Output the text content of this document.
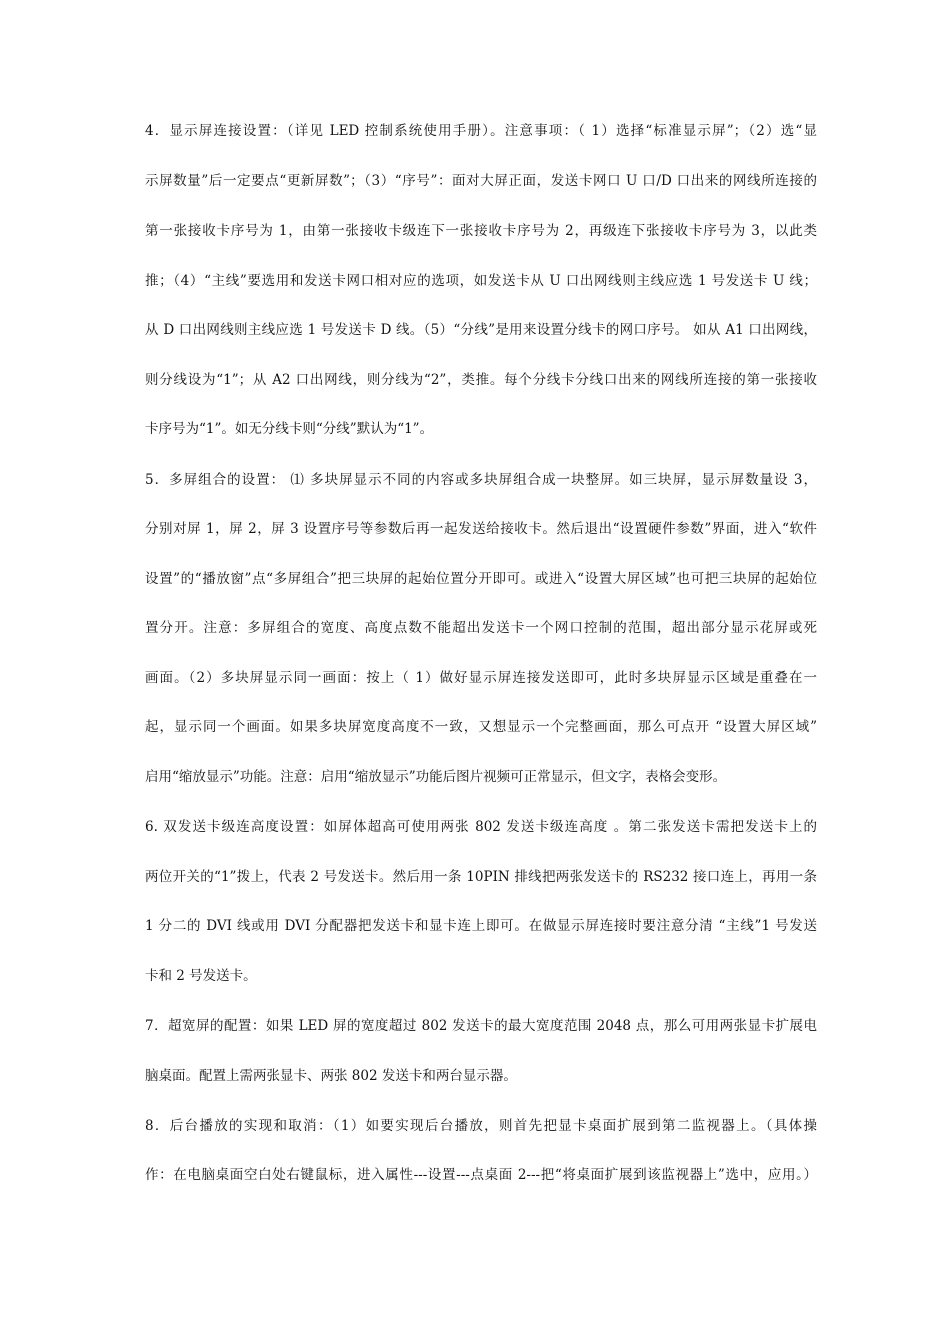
4．显示屏连接设置：（详见 LED 控制系统使用手册）。注意事项：（ 1）选择“标准显示屏”；（2）选“显
示屏数量”后一定要点“更新屏数”；（3）“序号”：面对大屏正面，发送卡网口 U 口/D 口出来的网线所连接的
第一张接收卡序号为 1，由第一张接收卡级连下一张接收卡序号为 2，再级连下张接收卡序号为 3，以此类
推；（4）“主线”要选用和发送卡网口相对应的选项，如发送卡从 U 口出网线则主线应选 1 号发送卡 U 线；
从 D 口出网线则主线应选 1 号发送卡 D 线。（5）“分线”是用来设置分线卡的网口序号。 如从 A1 口出网线，
则分线设为“1”；从 A2 口出网线，则分线为“2”，类推。每个分线卡分线口出来的网线所连接的第一张接收
卡序号为“1”。如无分线卡则“分线”默认为“1”。
5．多屏组合的设置： ⑴ 多块屏显示不同的内容或多块屏组合成一块整屏。如三块屏，显示屏数量设 3，
分别对屏 1，屏 2，屏 3 设置序号等参数后再一起发送给接收卡。然后退出“设置硬件参数”界面，进入“软件
设置”的“播放窗”点“多屏组合”把三块屏的起始位置分开即可。或进入“设置大屏区域”也可把三块屏的起始位
置分开。注意：多屏组合的宽度、高度点数不能超出发送卡一个网口控制的范围，超出部分显示花屏或死
画面。（2）多块屏显示同一画面：按上（ 1）做好显示屏连接发送即可，此时多块屏显示区域是重叠在一
起，显示同一个画面。如果多块屏宽度高度不一致，又想显示一个完整画面，那么可点开 “设置大屏区域”
启用“缩放显示”功能。注意：启用“缩放显示”功能后图片视频可正常显示，但文字，表格会变形。
6. 双发送卡级连高度设置：如屏体超高可使用两张 802 发送卡级连高度 。第二张发送卡需把发送卡上的
两位开关的“1”拨上，代表 2 号发送卡。然后用一条 10PIN 排线把两张发送卡的 RS232 接口连上，再用一条
1 分二的 DVI 线或用 DVI 分配器把发送卡和显卡连上即可。在做显示屏连接时要注意分清 “主线”1 号发送
卡和 2 号发送卡。
7．超宽屏的配置：如果 LED 屏的宽度超过 802 发送卡的最大宽度范围 2048 点，那么可用两张显卡扩展电
脑桌面。配置上需两张显卡、两张 802 发送卡和两台显示器。
8．后台播放的实现和取消：（1）如要实现后台播放，则首先把显卡桌面扩展到第二监视器上。（具体操
作：在电脑桌面空白处右键鼠标，进入属性---设置---点桌面 2---把“将桌面扩展到该监视器上”选中，应用。）
